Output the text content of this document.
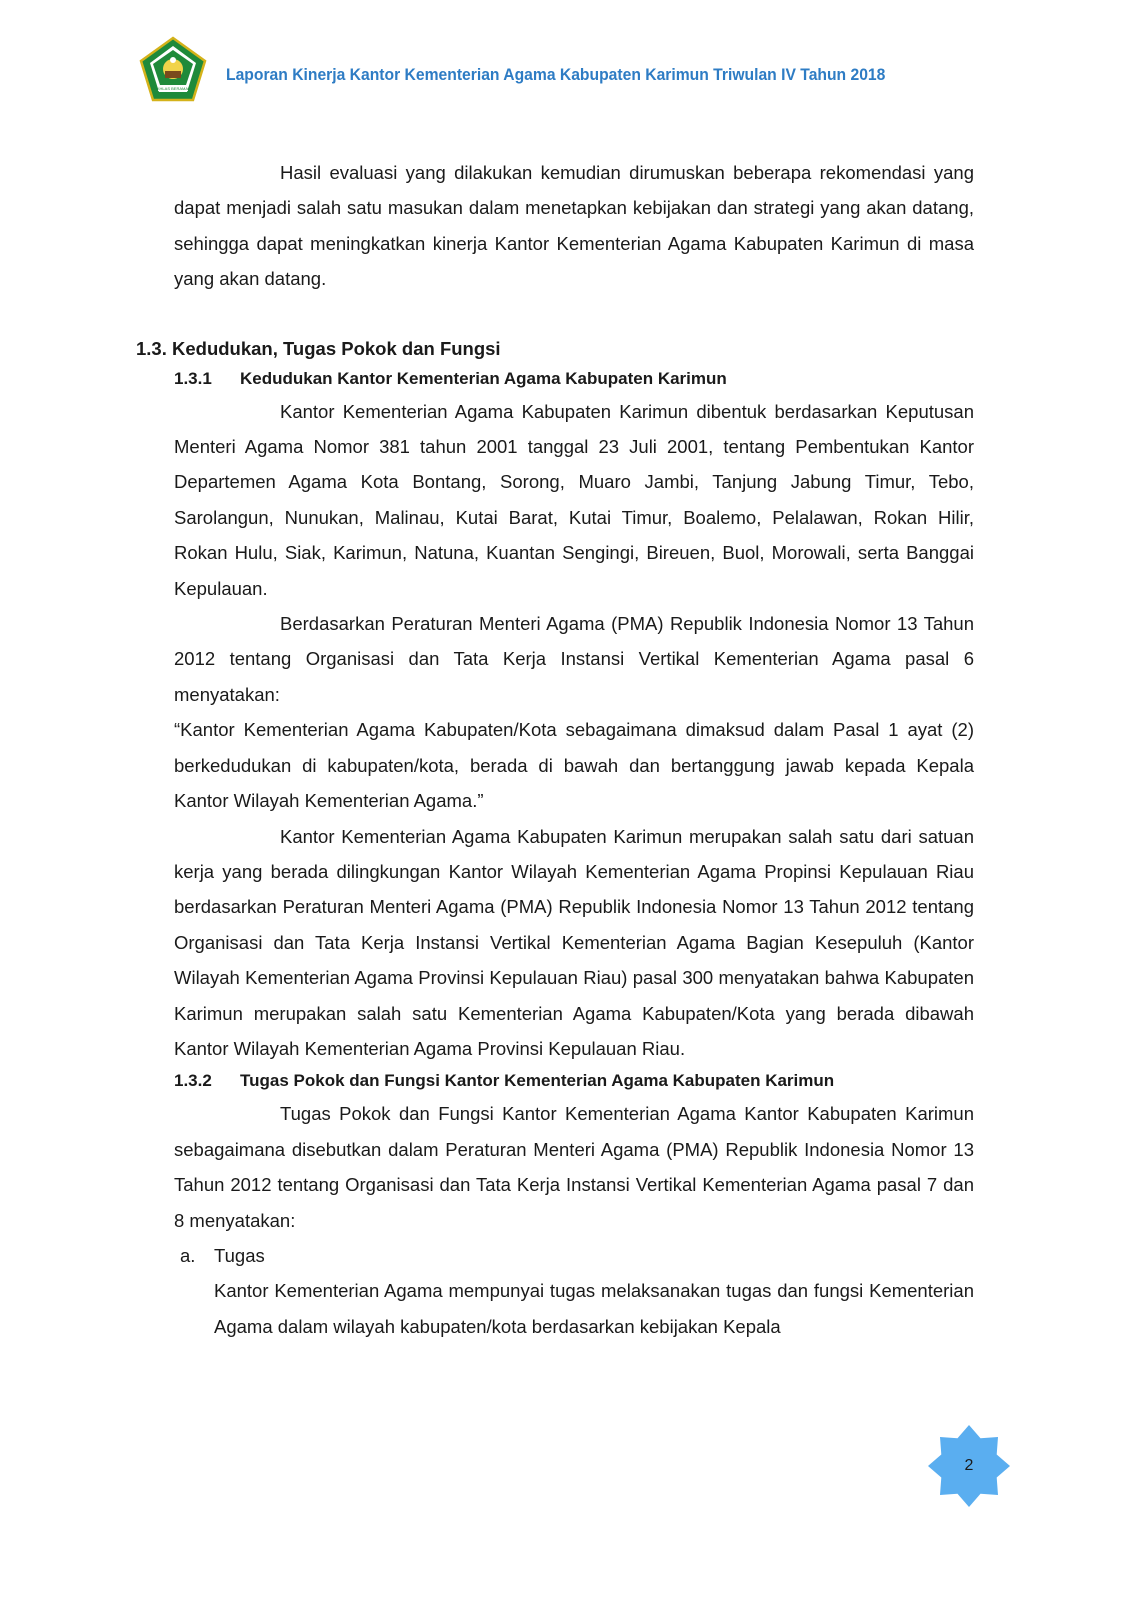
IKHLAS BERAMAL
Laporan Kinerja Kantor Kementerian Agama Kabupaten Karimun Triwulan IV Tahun 2018

Hasil evaluasi yang dilakukan kemudian dirumuskan beberapa rekomendasi yang dapat menjadi salah satu masukan dalam menetapkan kebijakan dan strategi yang akan datang, sehingga dapat meningkatkan kinerja Kantor Kementerian Agama Kabupaten Karimun di masa yang akan datang.

1.3. Kedudukan, Tugas Pokok dan Fungsi
1.3.1 Kedudukan Kantor Kementerian Agama Kabupaten Karimun

Kantor Kementerian Agama Kabupaten Karimun dibentuk berdasarkan Keputusan Menteri Agama Nomor 381 tahun 2001 tanggal 23 Juli 2001, tentang Pembentukan Kantor Departemen Agama Kota Bontang, Sorong, Muaro Jambi, Tanjung Jabung Timur, Tebo, Sarolangun, Nunukan, Malinau, Kutai Barat, Kutai Timur, Boalemo, Pelalawan, Rokan Hilir, Rokan Hulu, Siak, Karimun, Natuna, Kuantan Sengingi, Bireuen, Buol, Morowali, serta Banggai Kepulauan.

Berdasarkan Peraturan Menteri Agama (PMA) Republik Indonesia Nomor 13 Tahun 2012 tentang Organisasi dan Tata Kerja Instansi Vertikal Kementerian Agama pasal 6 menyatakan:

“Kantor Kementerian Agama Kabupaten/Kota sebagaimana dimaksud dalam Pasal 1 ayat (2) berkedudukan di kabupaten/kota, berada di bawah dan bertanggung jawab kepada Kepala Kantor Wilayah Kementerian Agama.”

Kantor Kementerian Agama Kabupaten Karimun merupakan salah satu dari satuan kerja yang berada dilingkungan Kantor Wilayah Kementerian Agama Propinsi Kepulauan Riau berdasarkan Peraturan Menteri Agama (PMA) Republik Indonesia Nomor 13 Tahun 2012 tentang Organisasi dan Tata Kerja Instansi Vertikal Kementerian Agama Bagian Kesepuluh (Kantor Wilayah Kementerian Agama Provinsi Kepulauan Riau) pasal 300 menyatakan bahwa Kabupaten Karimun merupakan salah satu Kementerian Agama Kabupaten/Kota yang berada dibawah Kantor Wilayah Kementerian Agama Provinsi Kepulauan Riau.

1.3.2 Tugas Pokok dan Fungsi Kantor Kementerian Agama Kabupaten Karimun

Tugas Pokok dan Fungsi Kantor Kementerian Agama Kantor Kabupaten Karimun sebagaimana disebutkan dalam Peraturan Menteri Agama (PMA) Republik Indonesia Nomor 13 Tahun 2012 tentang Organisasi dan Tata Kerja Instansi Vertikal Kementerian Agama pasal 7 dan 8 menyatakan:

a. Tugas

Kantor Kementerian Agama mempunyai tugas melaksanakan tugas dan fungsi Kementerian Agama dalam wilayah kabupaten/kota berdasarkan kebijakan Kepala

2
